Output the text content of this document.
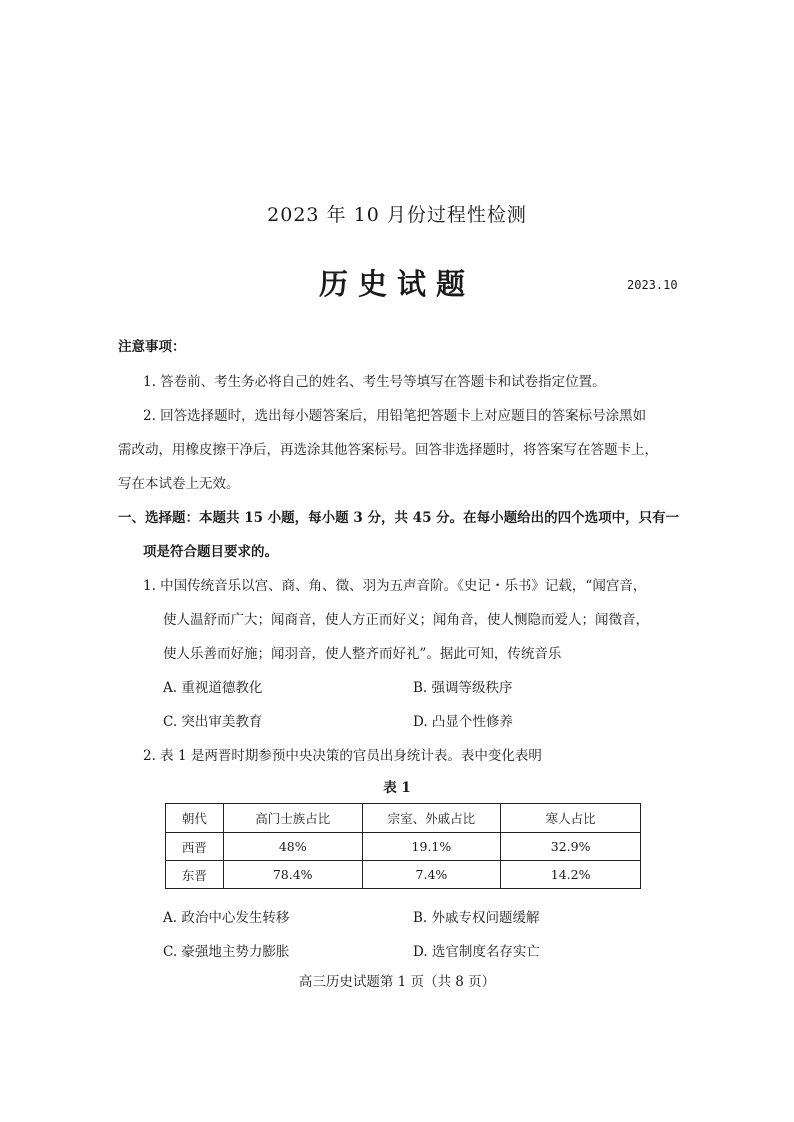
2023 年 10 月份过程性检测
历史试题	2023.10
注意事项：
1. 答卷前、考生务必将自己的姓名、考生号等填写在答题卡和试卷指定位置。
2. 回答选择题时，选出每小题答案后，用铅笔把答题卡上对应题目的答案标号涂黑如
需改动，用橡皮擦干净后，再选涂其他答案标号。回答非选择题时，将答案写在答题卡上，
写在本试卷上无效。
一、选择题：本题共 15 小题，每小题 3 分，共 45 分。在每小题给出的四个选项中，只有一
项是符合题目要求的。
1. 中国传统音乐以宫、商、角、徵、羽为五声音阶。《史记・乐书》记载，“闻宫音，
使人温舒而广大；闻商音，使人方正而好义；闻角音，使人恻隐而爱人；闻徵音，
使人乐善而好施；闻羽音，使人整齐而好礼”。据此可知，传统音乐
A. 重视道德教化	B. 强调等级秩序
C. 突出审美教育	D. 凸显个性修养
2. 表 1 是两晋时期参预中央决策的官员出身统计表。表中变化表明
表 1
朝代	高门士族占比	宗室、外戚占比	寒人占比
西晋	48%	19.1%	32.9%
东晋	78.4%	7.4%	14.2%
A. 政治中心发生转移	B. 外戚专权问题缓解
C. 豪强地主势力膨胀	D. 选官制度名存实亡
高三历史试题第 1 页（共 8 页）
